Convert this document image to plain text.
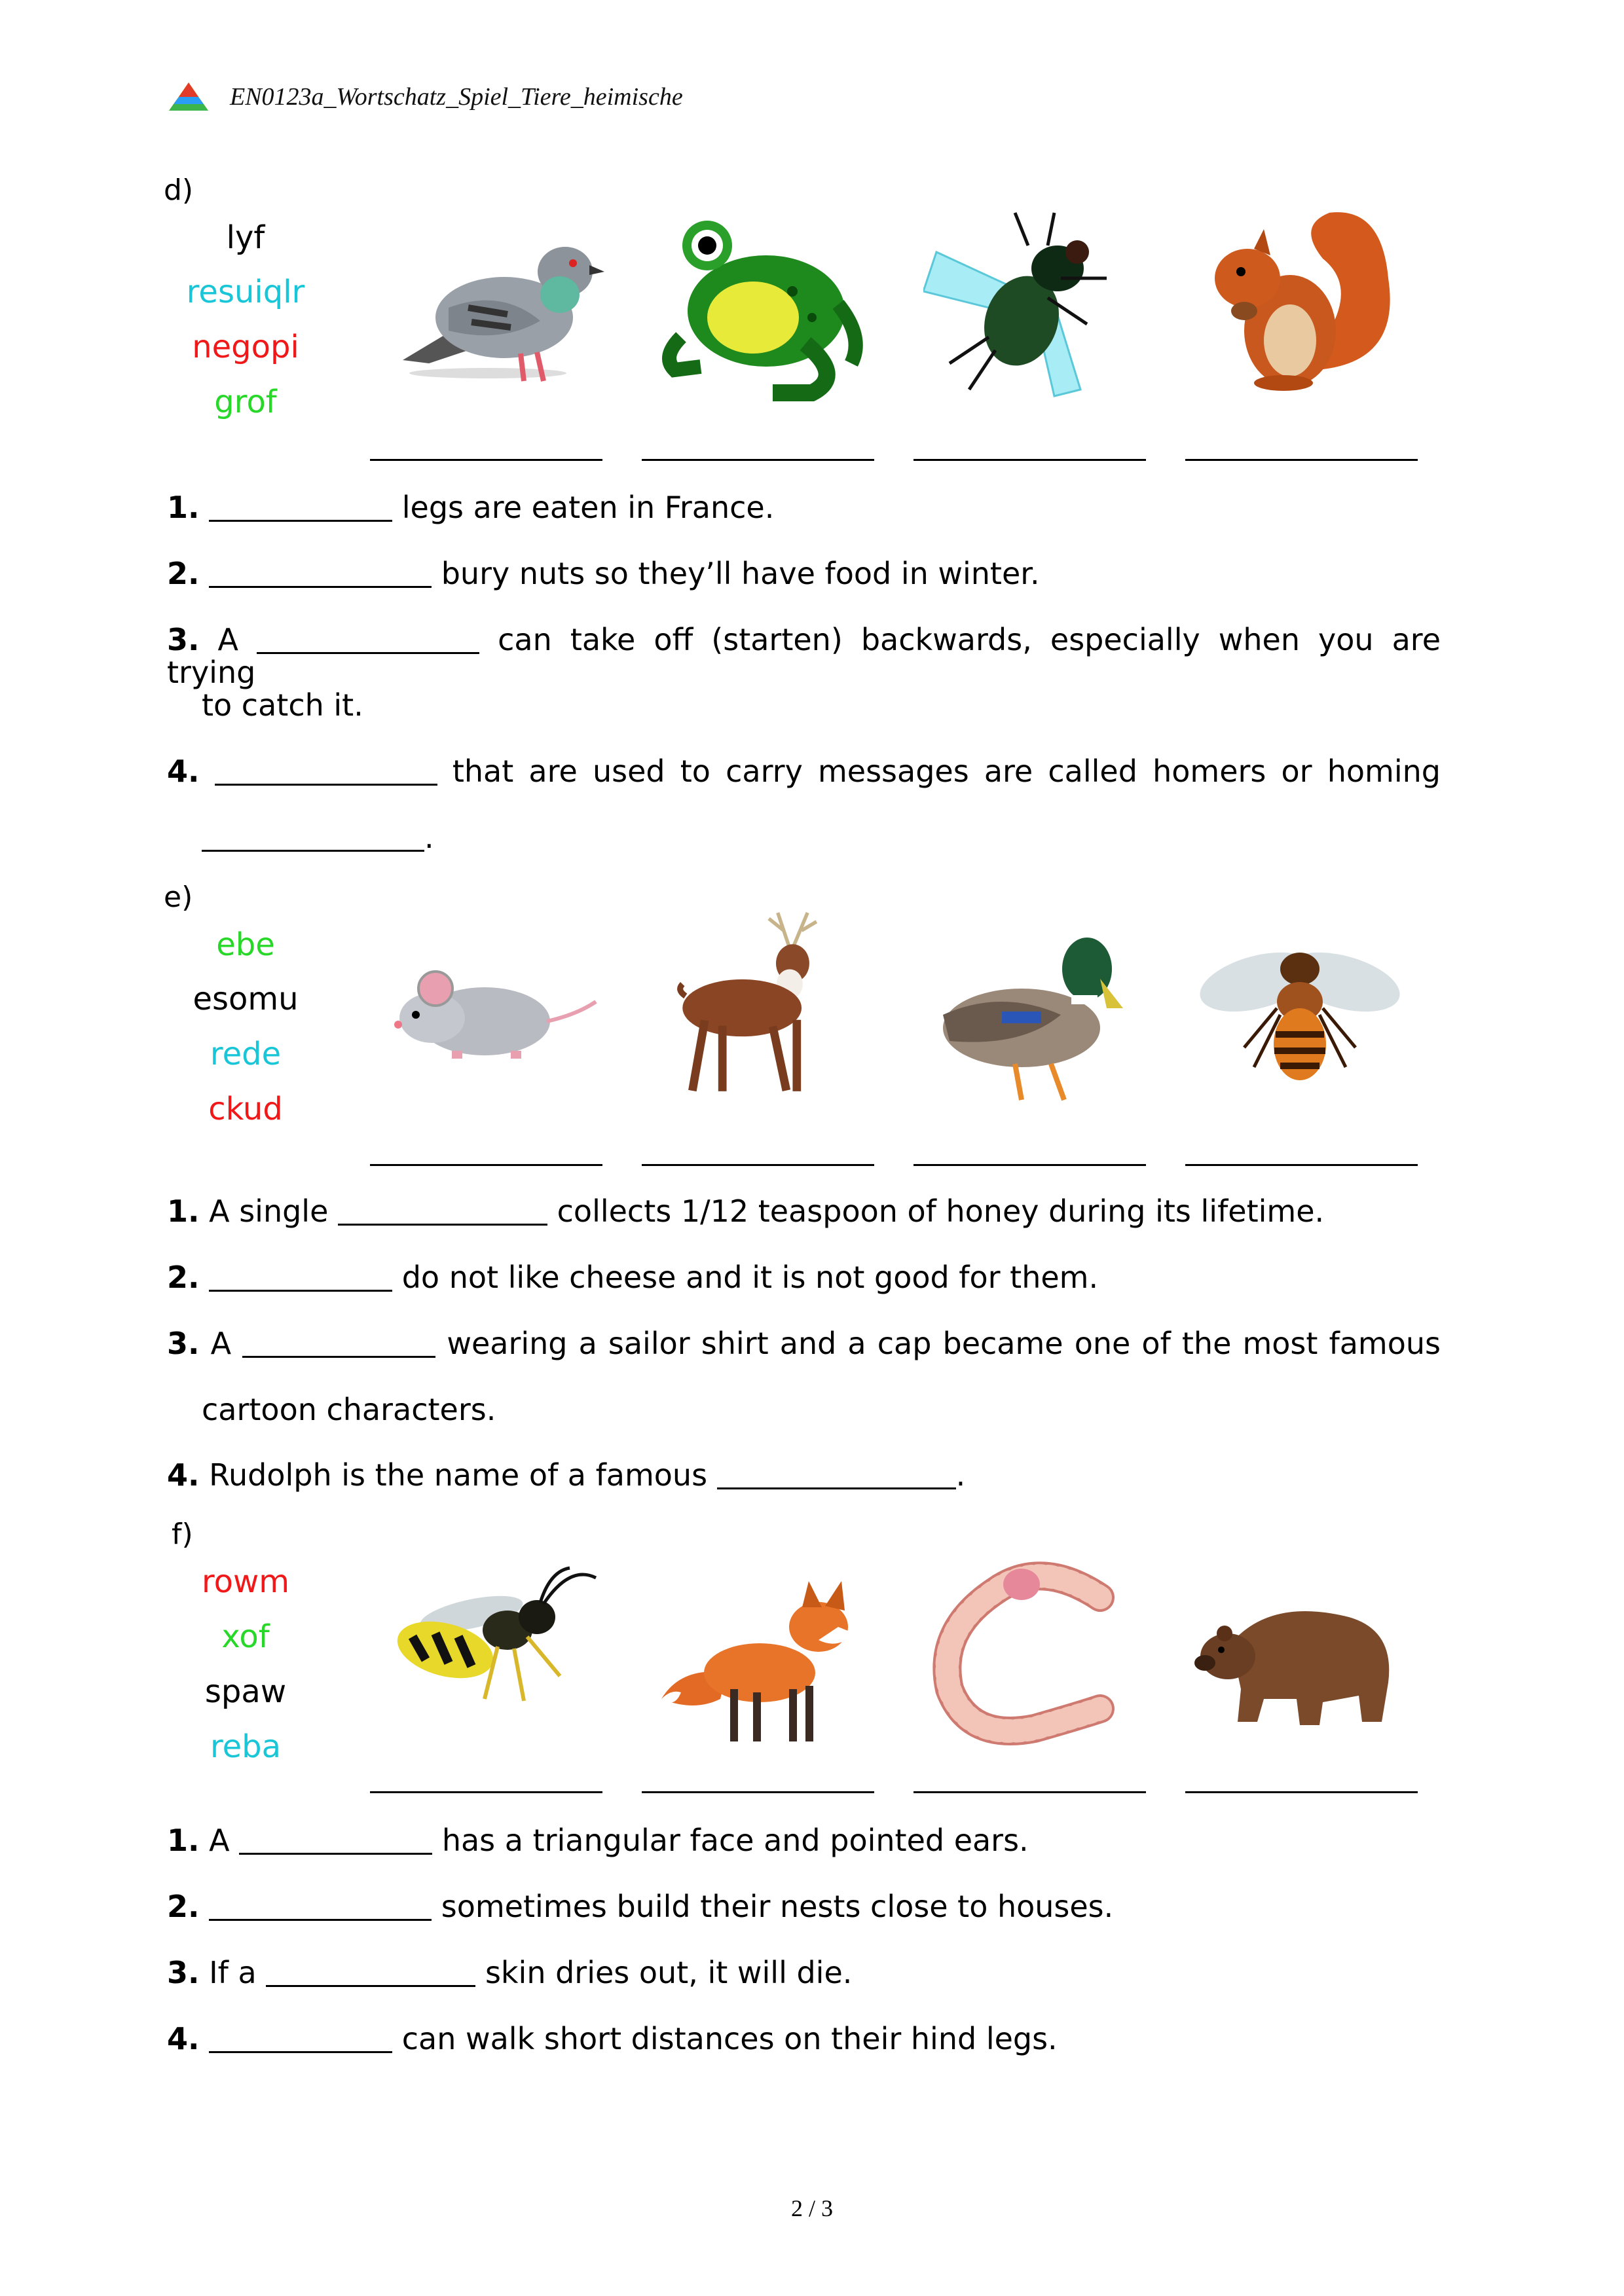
EN0123a_Wortschatz_Spiel_Tiere_heimische
d)
lyf
resuiqlr
negopi
grof
1.	legs are eaten in France.
2.	bury nuts so they’ll have food in winter.
3. A	can take off (starten) backwards, especially when you are trying
to catch it.
4.	that are used to carry messages are called homers or homing
.
e)
ebe
esomu
rede
ckud
1. A single	collects 1/12 teaspoon of honey during its lifetime.
2.	do not like cheese and it is not good for them.
3. A	wearing a sailor shirt and a cap became one of the most famous
cartoon characters.
4. Rudolph is the name of a famous	.
f)
rowm
xof
spaw
reba
1. A	has a triangular face and pointed ears.
2.	sometimes build their nests close to houses.
3. If a	skin dries out, it will die.
4.	can walk short distances on their hind legs.
2 / 3
